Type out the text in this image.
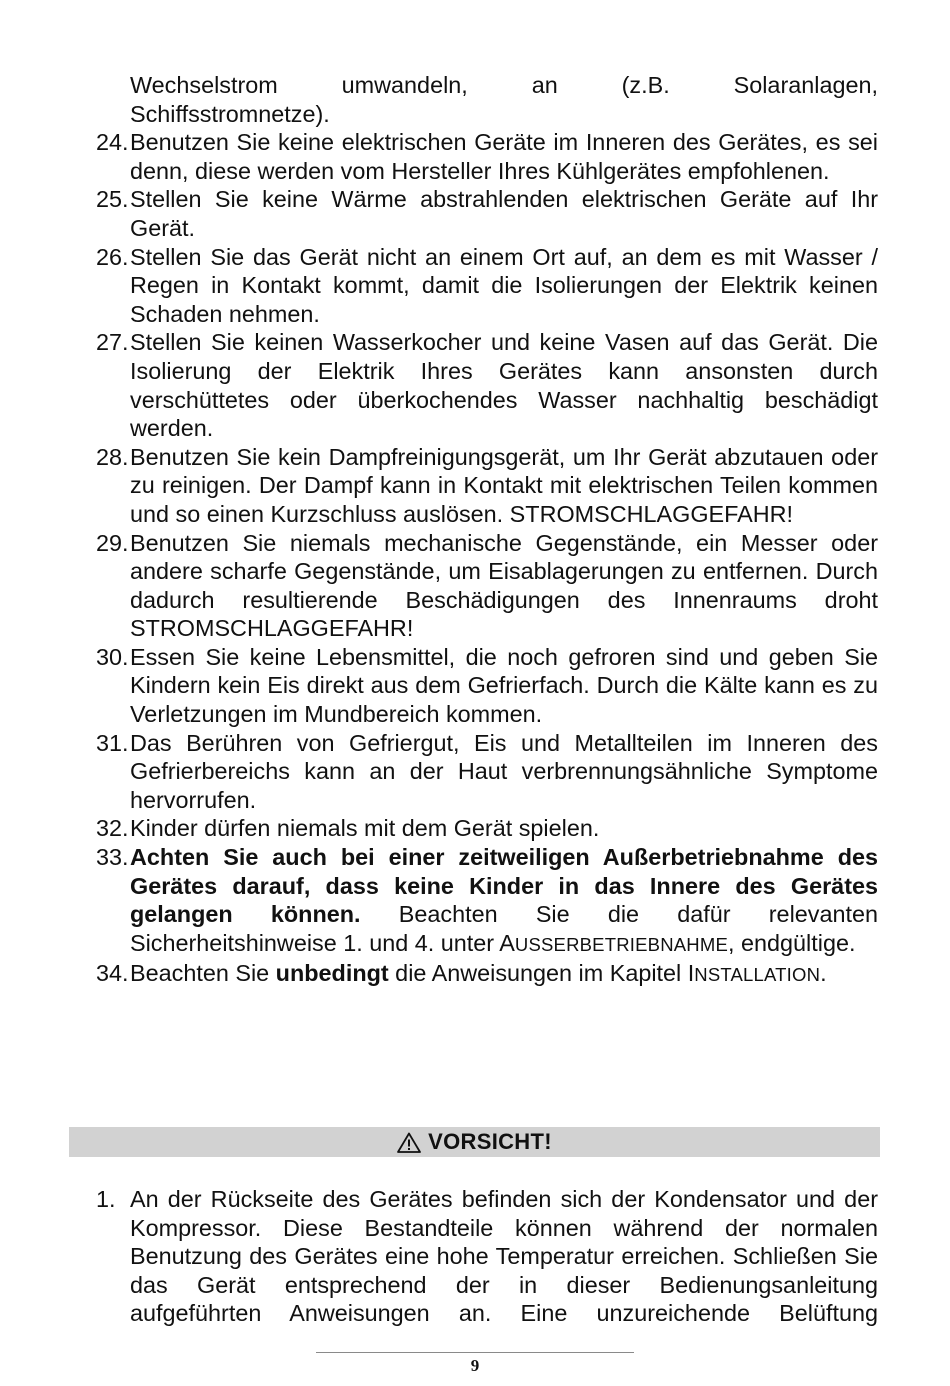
Wechselstrom	umwandeln,	an	(z.B.	Solaranlagen,
Schiffsstromnetze).
24. Benutzen Sie keine elektrischen Geräte im Inneren des Gerätes, es sei denn, diese werden vom Hersteller Ihres Kühlgerätes empfohlenen.
25. Stellen Sie keine Wärme abstrahlenden elektrischen Geräte auf Ihr Gerät.
26. Stellen Sie das Gerät nicht an einem Ort auf, an dem es mit Wasser / Regen in Kontakt kommt, damit die Isolierungen der Elektrik keinen Schaden nehmen.
27. Stellen Sie keinen Wasserkocher und keine Vasen auf das Gerät. Die Isolierung der Elektrik Ihres Gerätes kann ansonsten durch verschüttetes oder überkochendes Wasser nachhaltig beschädigt werden.
28. Benutzen Sie kein Dampfreinigungsgerät, um Ihr Gerät abzutauen oder zu reinigen. Der Dampf kann in Kontakt mit elektrischen Teilen kommen und so einen Kurzschluss auslösen. STROMSCHLAGGEFAHR!
29. Benutzen Sie niemals mechanische Gegenstände, ein Messer oder andere scharfe Gegenstände, um Eisablagerungen zu entfernen. Durch dadurch resultierende Beschädigungen des Innenraums droht STROMSCHLAGGEFAHR!
30. Essen Sie keine Lebensmittel, die noch gefroren sind und geben Sie Kindern kein Eis direkt aus dem Gefrierfach. Durch die Kälte kann es zu Verletzungen im Mundbereich kommen.
31. Das Berühren von Gefriergut, Eis und Metallteilen im Inneren des Gefrierbereichs kann an der Haut verbrennungsähnliche Symptome hervorrufen.
32. Kinder dürfen niemals mit dem Gerät spielen.
33. Achten Sie auch bei einer zeitweiligen Außerbetriebnahme des Gerätes darauf, dass keine Kinder in das Innere des Gerätes gelangen können. Beachten Sie die dafür relevanten Sicherheitshinweise 1. und 4. unter AUSSERBETRIEBNAHME, endgültige.
34. Beachten Sie unbedingt die Anweisungen im Kapitel INSTALLATION.
VORSICHT!
1. An der Rückseite des Gerätes befinden sich der Kondensator und der Kompressor. Diese Bestandteile können während der normalen Benutzung des Gerätes eine hohe Temperatur erreichen. Schließen Sie das Gerät entsprechend der in dieser Bedienungsanleitung aufgeführten Anweisungen an. Eine unzureichende Belüftung
9
